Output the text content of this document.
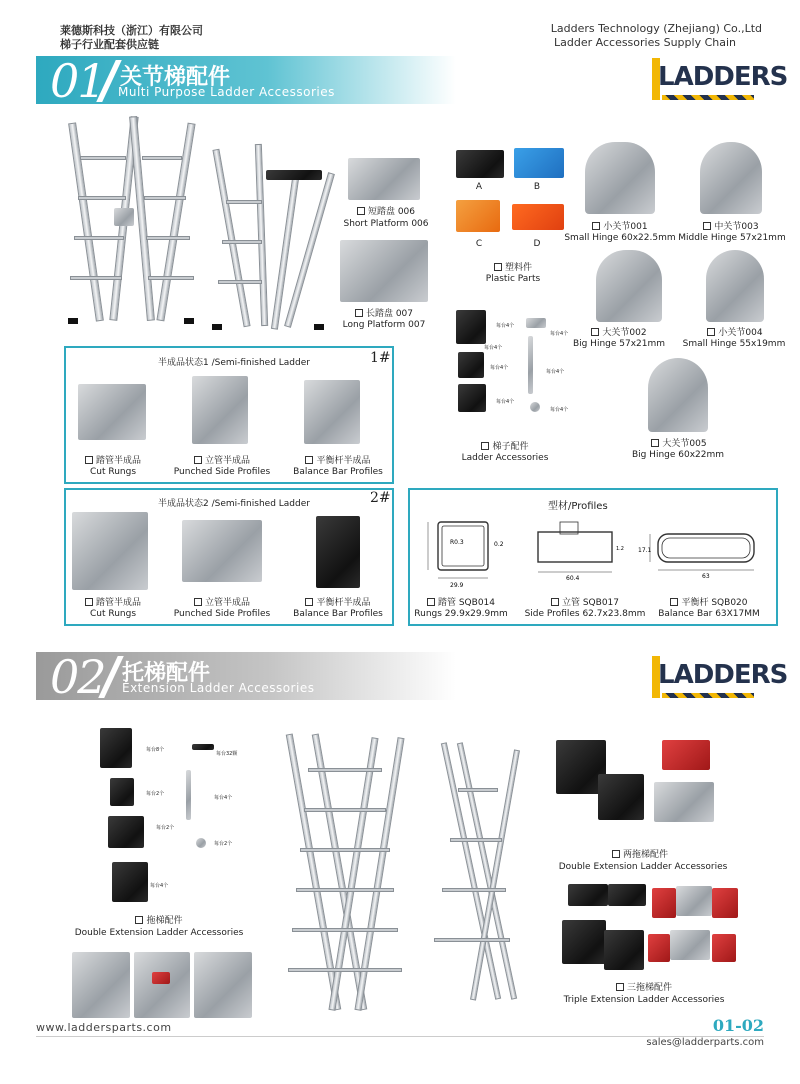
莱德斯科技（浙江）有限公司
梯子行业配套供应链
Ladders Technology (Zhejiang) Co.,Ltd
Ladder Accessories Supply Chain
01 关节梯配件
Multi Purpose Ladder Accessories	LADDERS
短踏盘 006
Short Platform 006
长踏盘 007
Long Platform 007
A	B
C	D
塑料件
Plastic Parts
小关节001
Small Hinge 60x22.5mm
中关节003
Middle Hinge 57x21mm
大关节002
Big Hinge 57x21mm
小关节004
Small Hinge 55x19mm
大关节005
Big Hinge 60x22mm
每台4个
每台4个
每台4个
每台4个
每台4个
每台4个
每台4个
梯子配件
Ladder Accessories
半成品状态1 /Semi-finished Ladder	1#
踏管半成品
Cut Rungs
立管半成品
Punched Side Profiles
平衡杆半成品
Balance Bar Profiles
半成品状态2 /Semi-finished Ladder	2#
踏管半成品
Cut Rungs
立管半成品
Punched Side Profiles
平衡杆半成品
Balance Bar Profiles
型材/Profiles
29.9
R0.3	0.2
60.4
1.2
63
17.1
踏管 SQB014
Rungs 29.9x29.9mm
立管 SQB017
Side Profiles 62.7x23.8mm
平衡杆 SQB020
Balance Bar 63X17MM
02 托梯配件
Extension Ladder Accessories	LADDERS
每台8个
每台32颗
每台2个
每台4个
每台2个
每台2个
每台4个
拖梯配件
Double Extension Ladder Accessories
两拖梯配件
Double Extension Ladder Accessories
三拖梯配件
Triple Extension Ladder Accessories
www.laddersparts.com	01-02
sales@ladderparts.com
